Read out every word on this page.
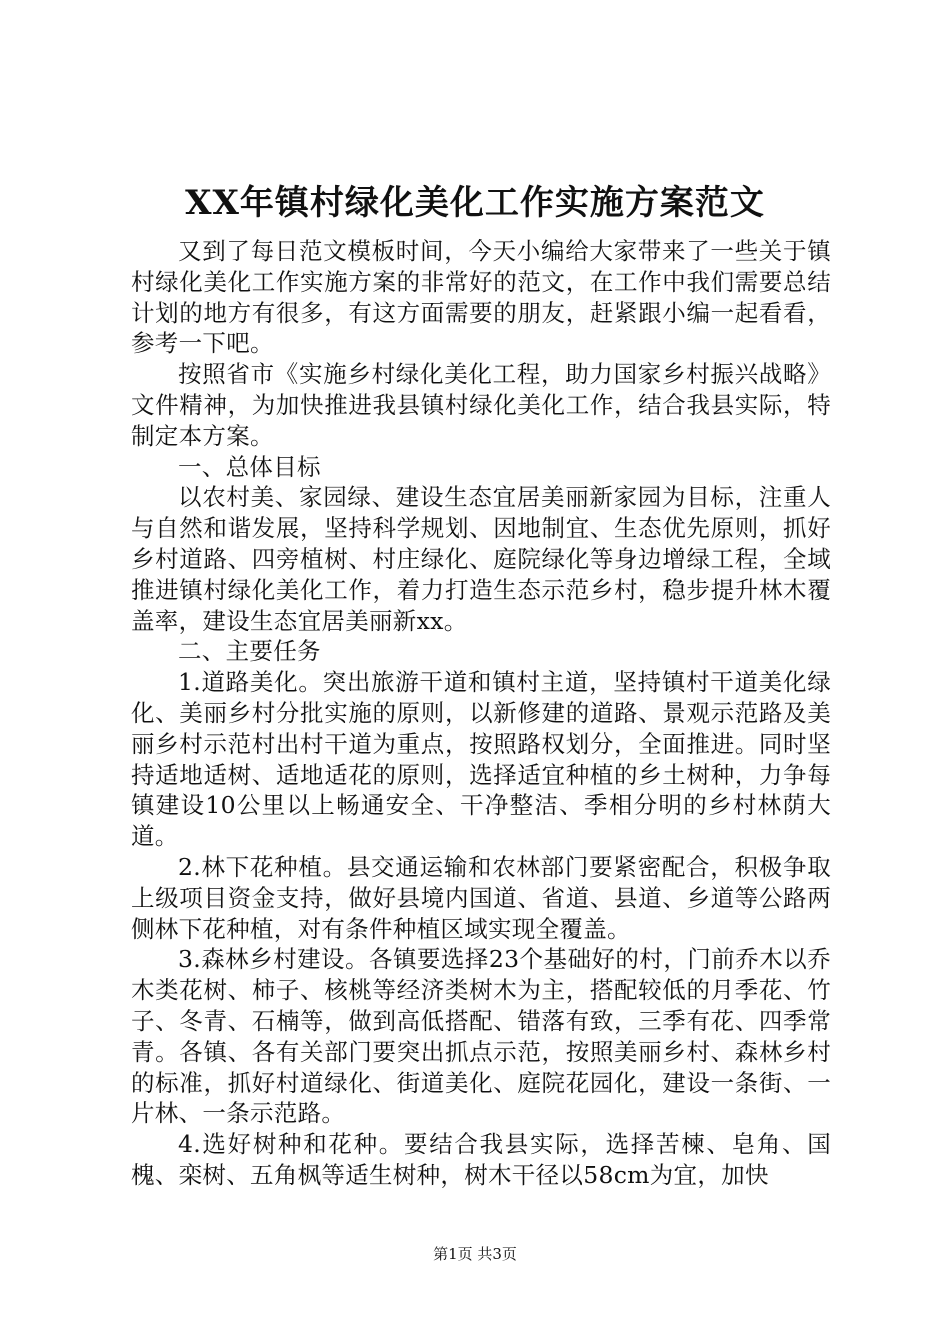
XX年镇村绿化美化工作实施方案范文

又到了每日范文模板时间，今天小编给大家带来了一些关于镇村绿化美化工作实施方案的非常好的范文，在工作中我们需要总结计划的地方有很多，有这方面需要的朋友，赶紧跟小编一起看看，参考一下吧。

按照省市《实施乡村绿化美化工程，助力国家乡村振兴战略》文件精神，为加快推进我县镇村绿化美化工作，结合我县实际，特制定本方案。

一、总体目标

以农村美、家园绿、建设生态宜居美丽新家园为目标，注重人与自然和谐发展，坚持科学规划、因地制宜、生态优先原则，抓好乡村道路、四旁植树、村庄绿化、庭院绿化等身边增绿工程，全域推进镇村绿化美化工作，着力打造生态示范乡村，稳步提升林木覆盖率，建设生态宜居美丽新xx。

二、主要任务

1.道路美化。突出旅游干道和镇村主道，坚持镇村干道美化绿化、美丽乡村分批实施的原则，以新修建的道路、景观示范路及美丽乡村示范村出村干道为重点，按照路权划分，全面推进。同时坚持适地适树、适地适花的原则，选择适宜种植的乡土树种，力争每镇建设10公里以上畅通安全、干净整洁、季相分明的乡村林荫大道。

2.林下花种植。县交通运输和农林部门要紧密配合，积极争取上级项目资金支持，做好县境内国道、省道、县道、乡道等公路两侧林下花种植，对有条件种植区域实现全覆盖。

3.森林乡村建设。各镇要选择23个基础好的村，门前乔木以乔木类花树、柿子、核桃等经济类树木为主，搭配较低的月季花、竹子、冬青、石楠等，做到高低搭配、错落有致，三季有花、四季常青。各镇、各有关部门要突出抓点示范，按照美丽乡村、森林乡村的标准，抓好村道绿化、街道美化、庭院花园化，建设一条街、一片林、一条示范路。

4.选好树种和花种。要结合我县实际，选择苦楝、皂角、国槐、栾树、五角枫等适生树种，树木干径以58cm为宜，加快

第1页 共3页
